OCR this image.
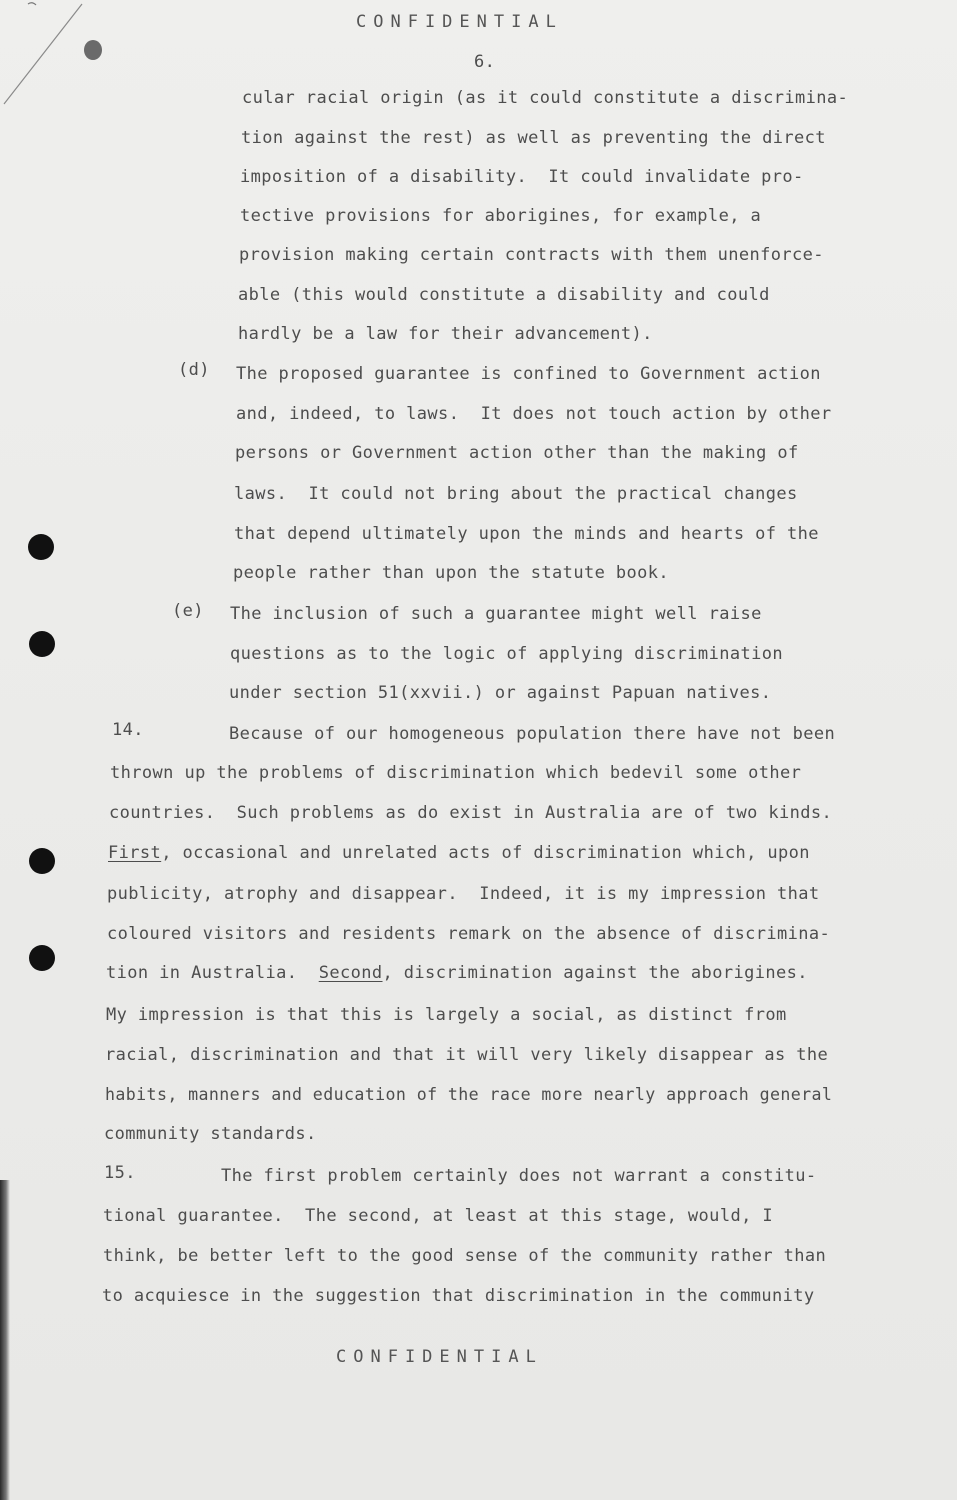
CONFIDENTIAL
6.
cular racial origin (as it could constitute a discrimina-
tion against the rest) as well as preventing the direct
imposition of a disability.  It could invalidate pro-
tective provisions for aborigines, for example, a
provision making certain contracts with them unenforce-
able (this would constitute a disability and could
hardly be a law for their advancement).
(d) The proposed guarantee is confined to Government action
and, indeed, to laws.  It does not touch action by other
persons or Government action other than the making of
laws.  It could not bring about the practical changes
that depend ultimately upon the minds and hearts of the
people rather than upon the statute book.
(e) The inclusion of such a guarantee might well raise
questions as to the logic of applying discrimination
under section 51(xxvii.) or against Papuan natives.
14.	Because of our homogeneous population there have not been
thrown up the problems of discrimination which bedevil some other
countries.  Such problems as do exist in Australia are of two kinds.
First, occasional and unrelated acts of discrimination which, upon
publicity, atrophy and disappear.  Indeed, it is my impression that
coloured visitors and residents remark on the absence of discrimina-
tion in Australia.  Second, discrimination against the aborigines.
My impression is that this is largely a social, as distinct from
racial, discrimination and that it will very likely disappear as the
habits, manners and education of the race more nearly approach general
community standards.
15.	The first problem certainly does not warrant a constitu-
tional guarantee.  The second, at least at this stage, would, I
think, be better left to the good sense of the community rather than
to acquiesce in the suggestion that discrimination in the community
CONFIDENTIAL
